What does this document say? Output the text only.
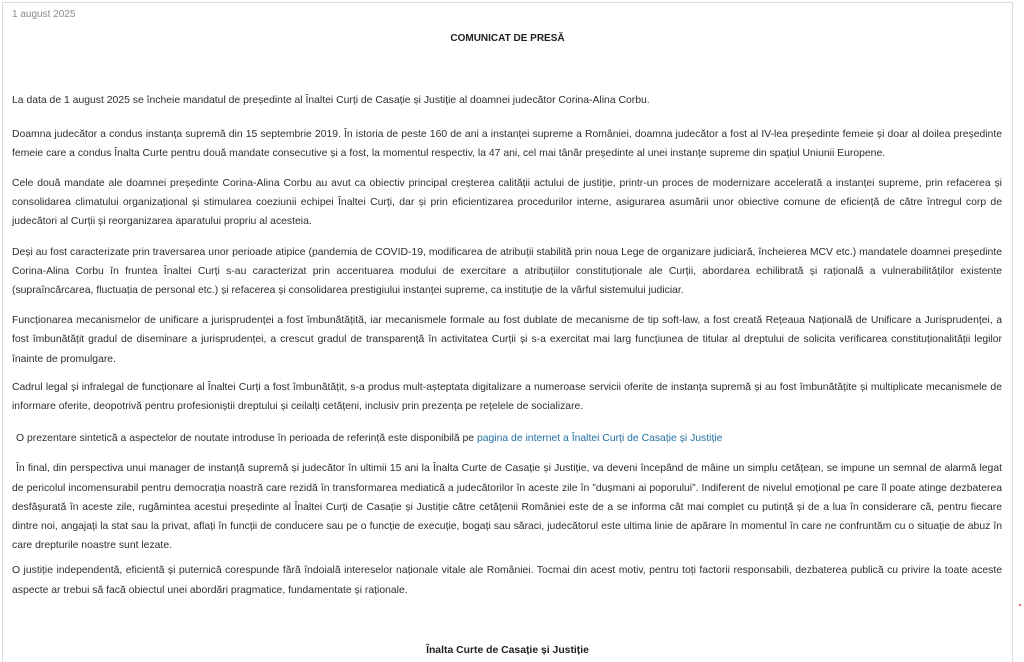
1 august 2025
COMUNICAT DE PRESĂ

La data de 1 august 2025 se încheie mandatul de președinte al Înaltei Curți de Casație și Justiție al doamnei judecător Corina-Alina Corbu.

Doamna judecător a condus instanța supremă din 15 septembrie 2019. În istoria de peste 160 de ani a instanței supreme a României, doamna judecător a fost al IV-lea președinte femeie și doar al doilea președinte femeie care a condus Înalta Curte pentru două mandate consecutive și a fost, la momentul respectiv, la 47 ani, cel mai tânăr președinte al unei instanțe supreme din spațiul Uniunii Europene.

Cele două mandate ale doamnei președinte Corina-Alina Corbu au avut ca obiectiv principal creșterea calității actului de justiție, printr-un proces de modernizare accelerată a instanței supreme, prin refacerea și consolidarea climatului organizațional și stimularea coeziunii echipei Înaltei Curți, dar și prin eficientizarea procedurilor interne, asigurarea asumării unor obiective comune de eficiență de către întregul corp de judecători al Curții și reorganizarea aparatului propriu al acesteia.

Deși au fost caracterizate prin traversarea unor perioade atipice (pandemia de COVID-19, modificarea de atribuții stabilită prin noua Lege de organizare judiciară, încheierea MCV etc.) mandatele doamnei președinte Corina-Alina Corbu în fruntea Înaltei Curți s-au caracterizat prin accentuarea modului de exercitare a atribuțiilor constituționale ale Curții, abordarea echilibrată și rațională a vulnerabilităților existente (supraîncărcarea, fluctuația de personal etc.) și refacerea și consolidarea prestigiului instanței supreme, ca instituție de la vârful sistemului judiciar.

Funcționarea mecanismelor de unificare a jurisprudenței a fost îmbunătățită, iar mecanismele formale au fost dublate de mecanisme de tip soft-law, a fost creată Rețeaua Națională de Unificare a Jurisprudenței, a fost îmbunătățit gradul de diseminare a jurisprudenței, a crescut gradul de transparență în activitatea Curții și s-a exercitat mai larg funcțiunea de titular al dreptului de solicita verificarea constituționalității legilor înainte de promulgare.

Cadrul legal și infralegal de funcționare al Înaltei Curți a fost îmbunătățit, s-a produs mult-așteptata digitalizare a numeroase servicii oferite de instanța supremă și au fost îmbunătățite și multiplicate mecanismele de informare oferite, deopotrivă pentru profesioniștii dreptului și ceilalți cetățeni, inclusiv prin prezența pe rețelele de socializare.

O prezentare sintetică a aspectelor de noutate introduse în perioada de referință este disponibilă pe pagina de internet a Înaltei Curți de Casație și Justiție

În final, din perspectiva unui manager de instanță supremă și judecător în ultimii 15 ani la Înalta Curte de Casație și Justiție, va deveni începând de mâine un simplu cetățean, se impune un semnal de alarmă legat de pericolul incomensurabil pentru democrația noastră care rezidă în transformarea mediatică a judecătorilor în aceste zile în ”dușmani ai poporului”. Indiferent de nivelul emoțional pe care îl poate atinge dezbaterea desfășurată în aceste zile, rugămintea acestui președinte al Înaltei Curți de Casație și Justiție către cetățenii României este de a se informa cât mai complet cu putință și de a lua în considerare că, pentru fiecare dintre noi, angajați la stat sau la privat, aflați în funcții de conducere sau pe o funcție de execuție, bogați sau săraci, judecătorul este ultima linie de apărare în momentul în care ne confruntăm cu o situație de abuz în care drepturile noastre sunt lezate.

O justiție independentă, eficientă și puternică corespunde fără îndoială intereselor naționale vitale ale României. Tocmai din acest motiv, pentru toți factorii responsabili, dezbaterea publică cu privire la toate aceste aspecte ar trebui să facă obiectul unei abordări pragmatice, fundamentate și raționale.

Înalta Curte de Casație și Justiție
